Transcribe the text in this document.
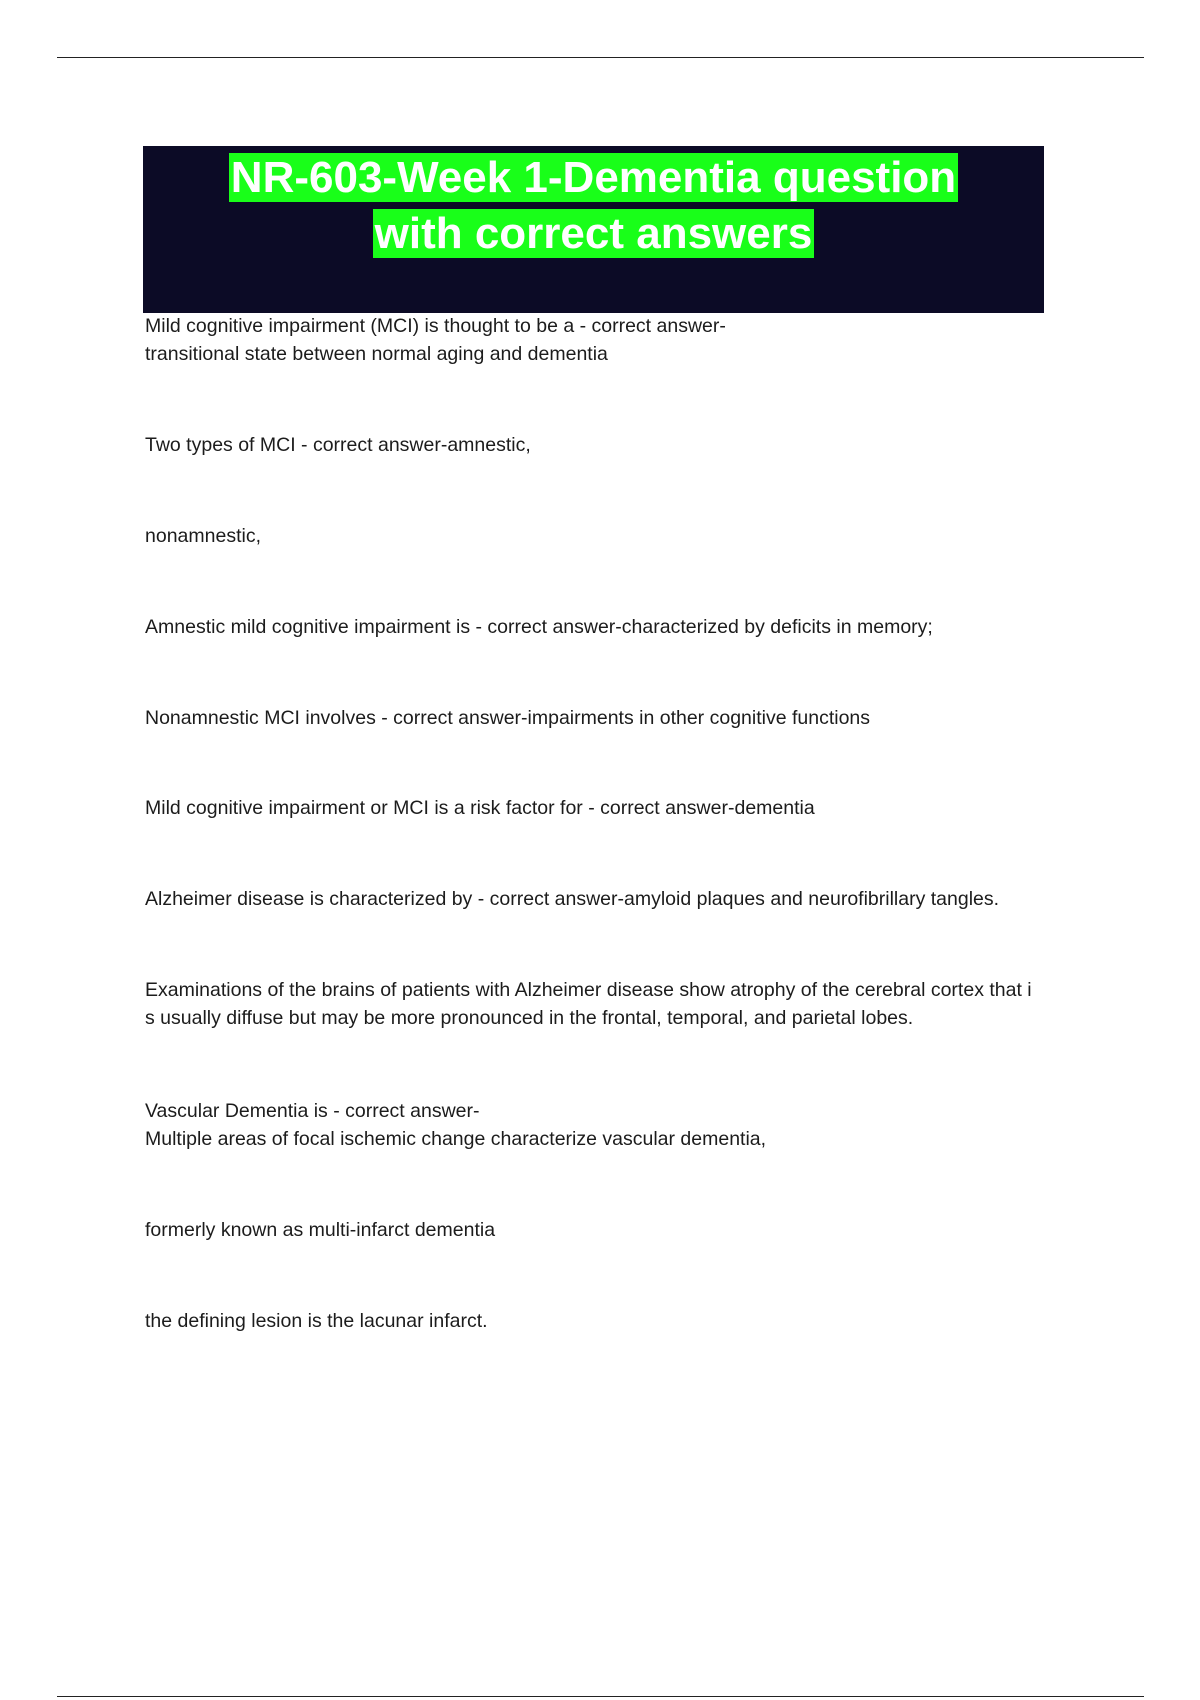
NR-603-Week 1-Dementia question
with correct answers

Mild cognitive impairment (MCI) is thought to be a - correct answer-
transitional state between normal aging and dementia

Two types of MCI - correct answer-amnestic,

nonamnestic,

Amnestic mild cognitive impairment is - correct answer-characterized by deficits in memory;

Nonamnestic MCI involves - correct answer-impairments in other cognitive functions

Mild cognitive impairment or MCI is a risk factor for - correct answer-dementia

Alzheimer disease is characterized by - correct answer-amyloid plaques and neurofibrillary tangles.

Examinations of the brains of patients with Alzheimer disease show atrophy of the cerebral cortex that i
s usually diffuse but may be more pronounced in the frontal, temporal, and parietal lobes.

Vascular Dementia is - correct answer-
Multiple areas of focal ischemic change characterize vascular dementia,

formerly known as multi-infarct dementia

the defining lesion is the lacunar infarct.
